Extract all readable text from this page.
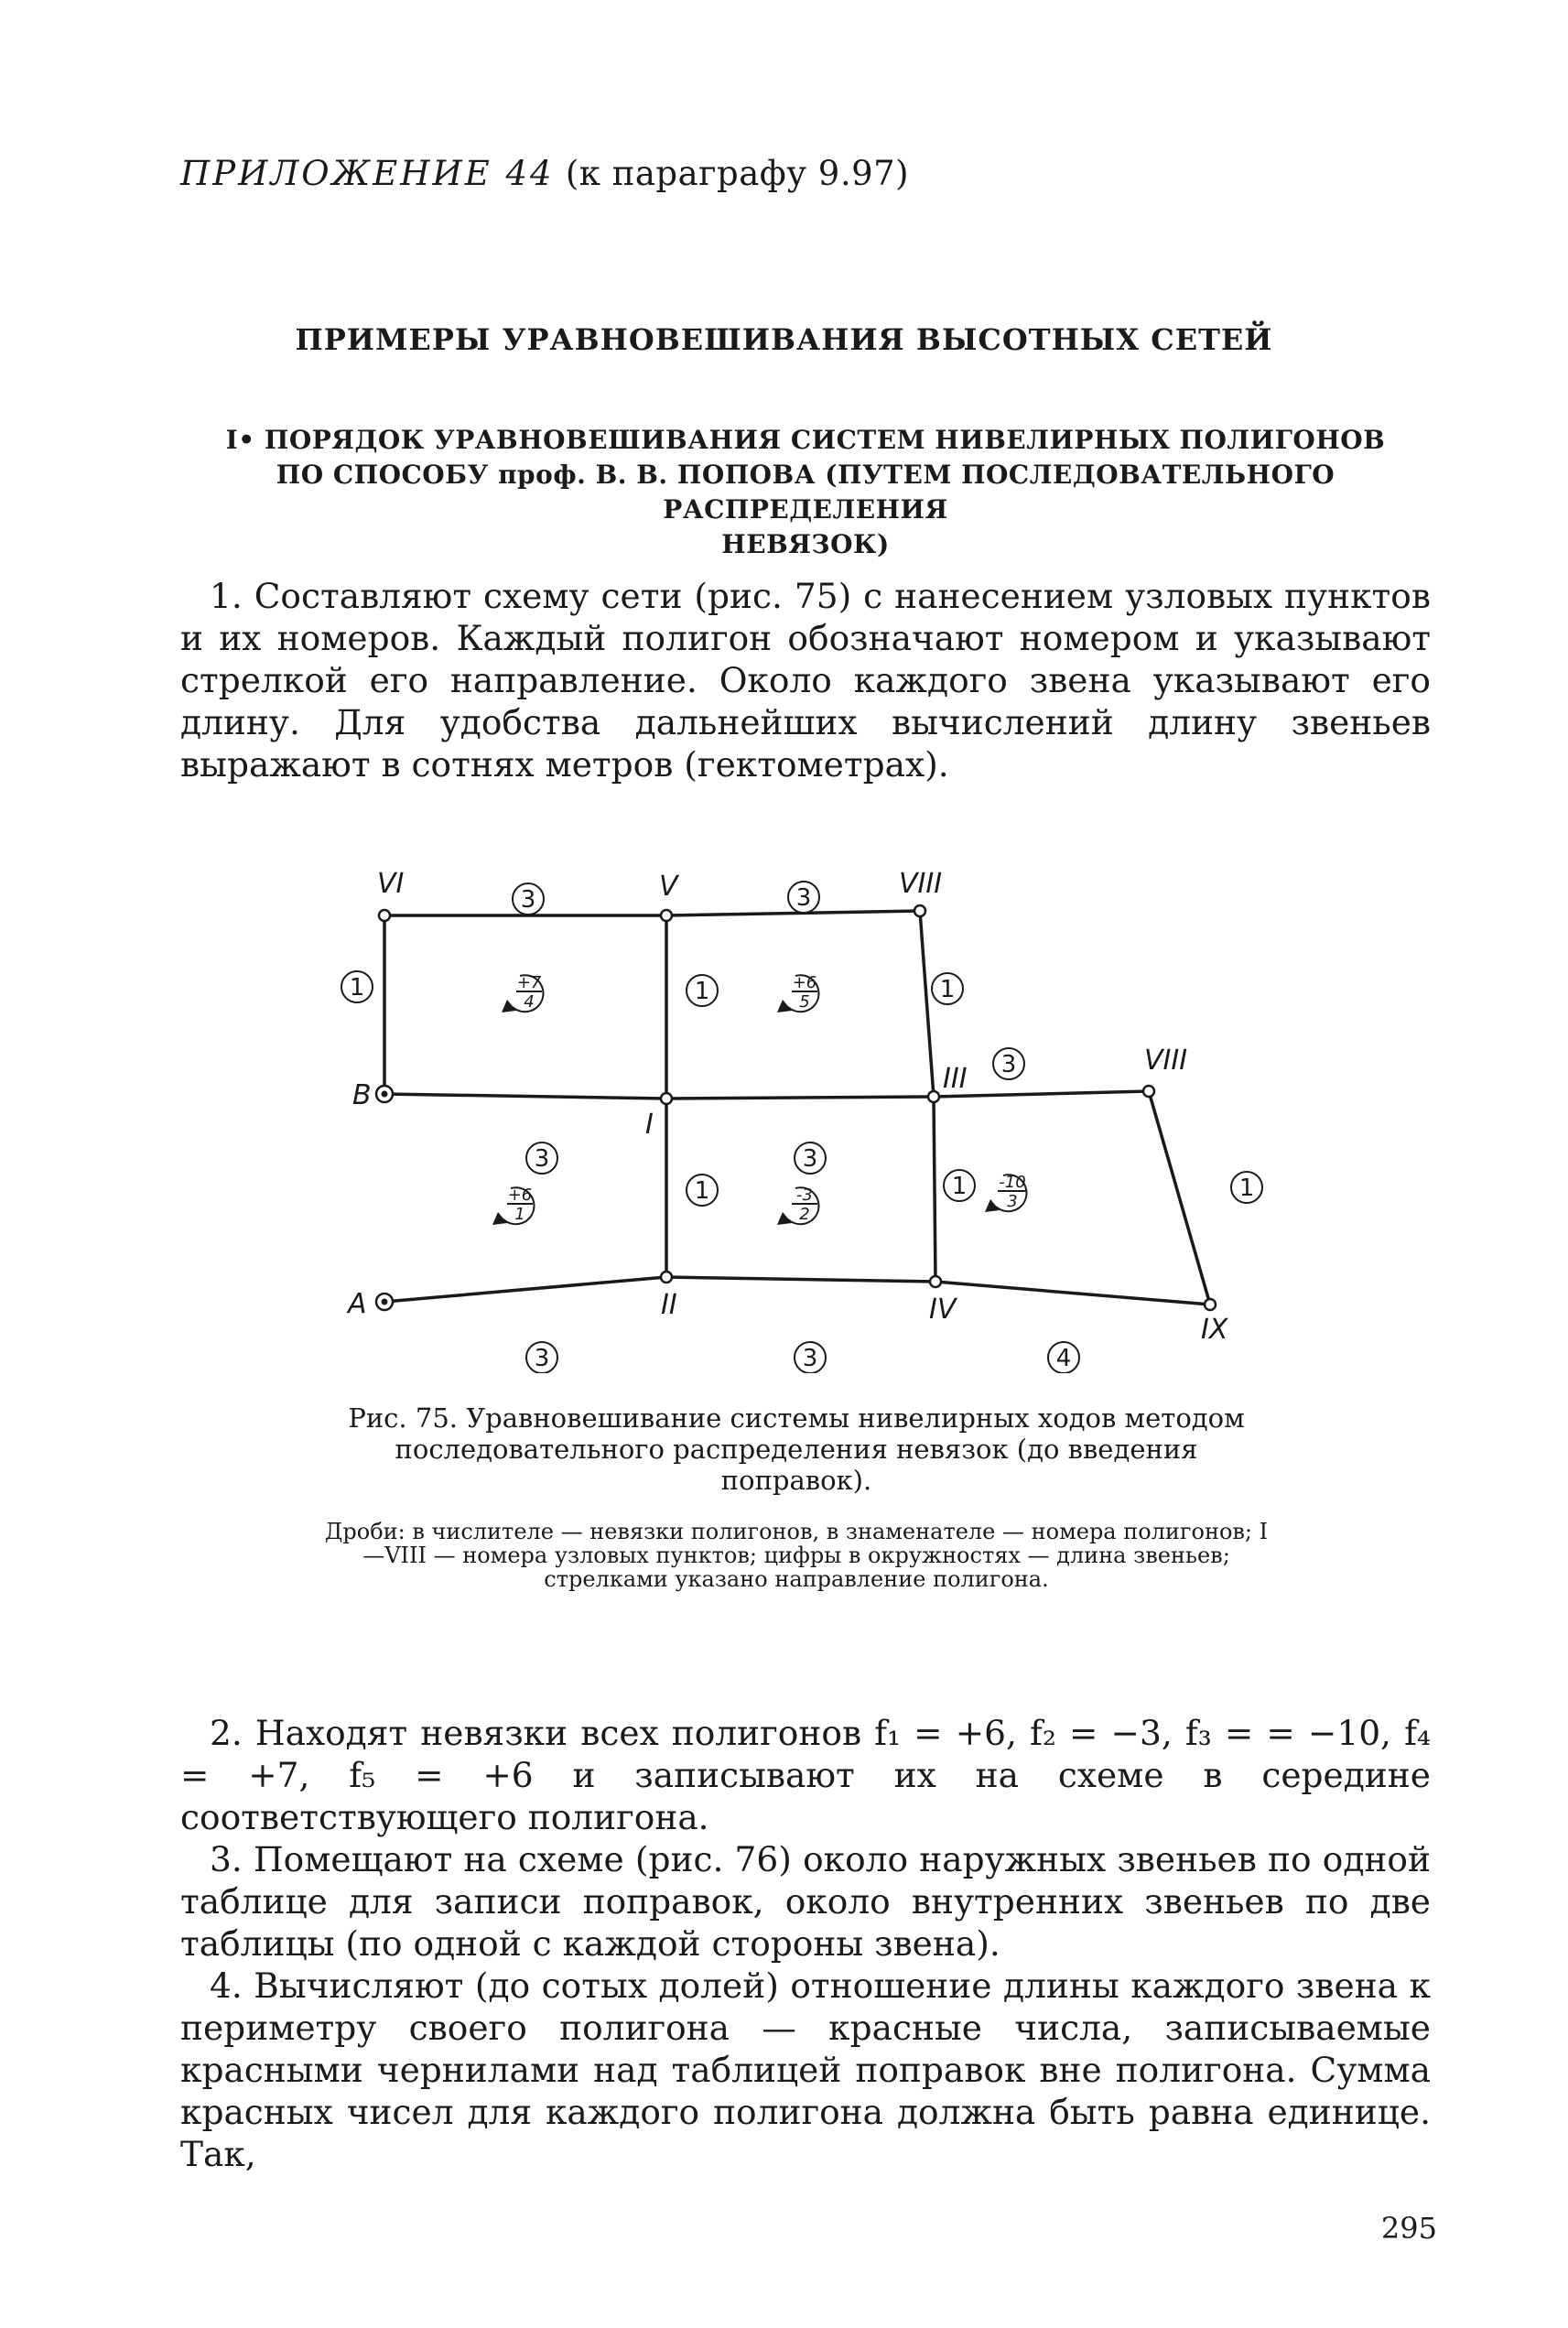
ПРИЛОЖЕНИЕ 44 (к параграфу 9.97)
ПРИМЕРЫ УРАВНОВЕШИВАНИЯ ВЫСОТНЫХ СЕТЕЙ
I• ПОРЯДОК УРАВНОВЕШИВАНИЯ СИСТЕМ НИВЕЛИРНЫХ ПОЛИГОНОВ
ПО СПОСОБУ проф. В. В. ПОПОВА (ПУТЕМ ПОСЛЕДОВАТЕЛЬНОГО РАСПРЕДЕЛЕНИЯ
НЕВЯЗОК)

1. Составляют схему сети (рис. 75) с нанесением узловых пунктов и их номеров. Каждый полигон обозначают номером и указывают стрелкой его направление. Около каждого звена указывают его длину. Для удобства дальнейших вычислений длину звеньев выражают в сотнях метров (гектометрах).

VI	V	VIII
III
VIII
B
I
A	II	IV
IX
3	3
1	1	1
3
3	3
1	1	1
3	3	4
+7
4
+6
5
+6
1
-3
2
-10
3
Рис. 75. Уравновешивание системы нивелирных ходов методом последовательного распределения невязок (до введения поправок).
Дроби: в числителе — невязки полигонов, в знаменателе — номера полигонов; I—VIII — номера узловых пунктов; цифры в окружностях — длина звеньев; стрелками указано направление полигона.

2. Находят невязки всех полигонов f₁ = +6, f₂ = −3, f₃ = = −10, f₄ = +7, f₅ = +6 и записывают их на схеме в середине соответствующего полигона.

3. Помещают на схеме (рис. 76) около наружных звеньев по одной таблице для записи поправок, около внутренних звеньев по две таблицы (по одной с каждой стороны звена).

4. Вычисляют (до сотых долей) отношение длины каждого звена к периметру своего полигона — красные числа, записываемые красными чернилами над таблицей поправок вне полигона. Сумма красных чисел для каждого полигона должна быть равна единице. Так,

295
